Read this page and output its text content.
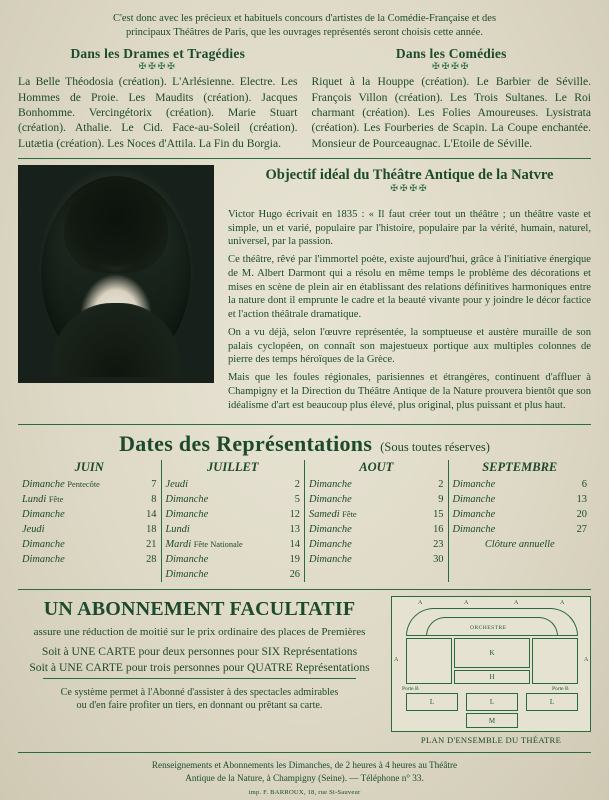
C'est donc avec les précieux et habituels concours d'artistes de la Comédie-Française et des
principaux Théâtres de Paris, que les ouvrages représentés seront choisis cette année.
Dans les Drames et Tragédies
✠✠✠✠
La Belle Théodosia (création). L'Arlésienne. Electre. Les Hommes de Proie. Les Maudits (création). Jacques Bonhomme. Vercingétorix (création). Marie Stuart (création). Athalie. Le Cid. Face-au-Soleil (création). Lutætia (création). Les Noces d'Attila. La Fin du Borgia.
Dans les Comédies
✠✠✠✠
Riquet à la Houppe (création). Le Barbier de Séville. François Villon (création). Les Trois Sultanes. Le Roi charmant (création). Les Folies Amoureuses. Lysistrata (création). Les Fourberies de Scapin. La Coupe enchantée. Monsieur de Pourceaugnac. L'Etoile de Séville.
Objectif idéal du Théâtre Antique de la Natvre
✠✠✠✠

Victor Hugo écrivait en 1835 : « Il faut créer tout un théâtre ; un théâtre vaste et simple, un et varié, populaire par l'histoire, populaire par la vérité, humain, naturel, universel, par la passion.

Ce théâtre, rêvé par l'immortel poète, existe aujourd'hui, grâce à l'initiative énergique de M. Albert Darmont qui a résolu en même temps le problème des décorations et mises en scène de plein air en établissant des relations définitives harmoniques entre la nature dont il emprunte le cadre et la beauté vivante pour y joindre le décor factice et l'action théâtrale dramatique.

On a vu déjà, selon l'œuvre représentée, la somptueuse et austère muraille de son palais cyclopéen, on connaît son majestueux portique aux multiples colonnes de pierre des temps héroïques de la Grèce.

Mais que les foules régionales, parisiennes et étrangères, continuent d'affluer à Champigny et la Direction du Théâtre Antique de la Nature prouvera bientôt que son idéalisme d'art est beaucoup plus élevé, plus original, plus puissant et plus haut.

Dates des Représentations (Sous toutes réserves)
JUIN
Dimanche Pentecôte	7
Lundi Fête	8
Dimanche	14
Jeudi	18
Dimanche	21
Dimanche	28
JUILLET
Jeudi	2
Dimanche	5
Dimanche	12
Lundi	13
Mardi Fête Nationale	14
Dimanche	19
Dimanche	26
AOUT
Dimanche	2
Dimanche	9
Samedi Fête	15
Dimanche	16
Dimanche	23
Dimanche	30
SEPTEMBRE
Dimanche	6
Dimanche	13
Dimanche	20
Dimanche	27
Clôture annuelle
UN ABONNEMENT FACULTATIF
assure une réduction de moitié sur le prix ordinaire des places de Premières
Soit à UNE CARTE pour deux personnes pour SIX Représentations
Soit à UNE CARTE pour trois personnes pour QUATRE Représentations
Ce système permet à l'Abonné d'assister à des spectacles admirables
ou d'en faire profiter un tiers, en donnant ou prêtant sa carte.
A	A	A	A
ORCHESTRE
K
H
A	A
Porte B	Porte B
L	L	L
M
PLAN D'ENSEMBLE DU THÉATRE
Renseignements et Abonnements les Dimanches, de 2 heures à 4 heures au Théâtre
Antique de la Nature, à Champigny (Seine). — Téléphone n° 33.
imp. F. BARROUX, 18, rue St-Sauveur
